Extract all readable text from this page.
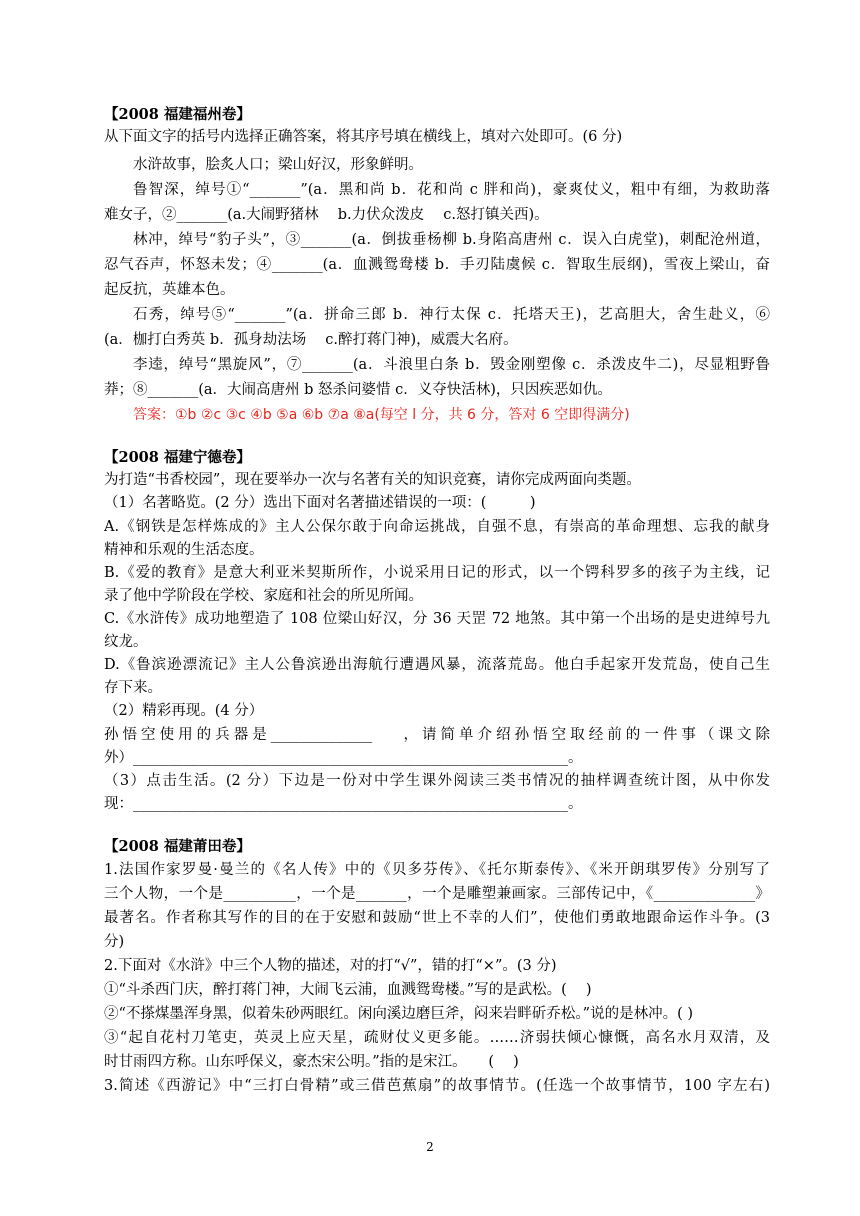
【2008 福建福州卷】
从下面文字的括号内选择正确答案，将其序号填在横线上，填对六处即可。(6 分)
水浒故事，脍炙人口；梁山好汉，形象鲜明。
鲁智深，绰号①“_______”(a．黑和尚 b．花和尚 c 胖和尚)，豪爽仗义，粗中有细，为救助落
难女子，②_______(a.大闹野猪林　 b.力伏众泼皮　 c.怒打镇关西)。
林冲，绰号“豹子头”，③_______(a．倒拔垂杨柳 b.身陷高唐州 c．误入白虎堂)，刺配沧州道，
忍气吞声，怀怒未发；④_______(a．血溅鸳鸯楼 b．手刃陆虞候 c．智取生辰纲)，雪夜上梁山，奋
起反抗，英雄本色。
石秀，绰号⑤“_______”(a．拼命三郎 b．神行太保 c．托塔天王)，艺高胆大，舍生赴义，⑥
(a．枷打白秀英 b．孤身劫法场　 c.醉打蒋门神)，威震大名府。
李逵，绰号“黑旋风”，⑦_______(a．斗浪里白条 b．毁金刚塑像 c．杀泼皮牛二)，尽显粗野鲁
莽；⑧_______(a．大闹高唐州 b 怒杀问婆惜 c．义夺快活林)，只因疾恶如仇。
答案：①b ②c ③c ④b ⑤a ⑥b ⑦a ⑧a(每空 l 分，共 6 分，答对 6 空即得满分)
【2008 福建宁德卷】
为打造“书香校园”，现在要举办一次与名著有关的知识竞赛，请你完成两面向类题。
（1）名著略览。(2 分）选出下面对名著描述错误的一项：(　　　)
A.《钢铁是怎样炼成的》主人公保尔敢于向命运挑战，自强不息，有崇高的革命理想、忘我的献身
精神和乐观的生活态度。
B.《爱的教育》是意大利亚米契斯所作，小说采用日记的形式，以一个锷科罗多的孩子为主线，记
录了他中学阶段在学校、家庭和社会的所见所闻。
C.《水浒传》成功地塑造了 108 位梁山好汉，分 36 天罡 72 地煞。其中第一个出场的是史进绰号九
纹龙。
D.《鲁滨逊漂流记》主人公鲁滨逊出海航行遭遇风暴，流落荒岛。他白手起家开发荒岛，使自己生
存下来。
（2）精彩再现。(4 分）
孙悟空使用的兵器是______________　 ，请简单介绍孙悟空取经前的一件事（课文除
外）____________________________________________________________。
（3）点击生活。(2 分）下边是一份对中学生课外阅读三类书情况的抽样调查统计图，从中你发
现：____________________________________________________________。
【2008 福建莆田卷】
1.法国作家罗曼·曼兰的《名人传》中的《贝多芬传》、《托尔斯泰传》、《米开朗琪罗传》分别写了
三个人物，一个是__________，一个是_______，一个是雕塑兼画家。三部传记中，《______________》
最著名。作者称其写作的目的在于安慰和鼓励“世上不幸的人们”，使他们勇敢地跟命运作斗争。(3
分)
2.下面对《水浒》中三个人物的描述，对的打“√”，错的打“×”。(3 分)
①“斗杀西门庆，醉打蒋门神，大闹飞云浦，血溅鸳鸯楼。”写的是武松。(　 )
②“不搽煤墨浑身黑，似着朱砂两眼红。闲向溪边磨巨斧，闷来岩畔斫乔松。”说的是林冲。( )
③“起自花村刀笔吏，英灵上应天星，疏财仗义更多能。……济弱扶倾心慷慨，高名水月双清，及
时甘雨四方称。山东呼保义，豪杰宋公明。”指的是宋江。　　(　 )
3.简述《西游记》中“三打白骨精”或三借芭蕉扇”的故事情节。(任选一个故事情节，100 字左右)
2
